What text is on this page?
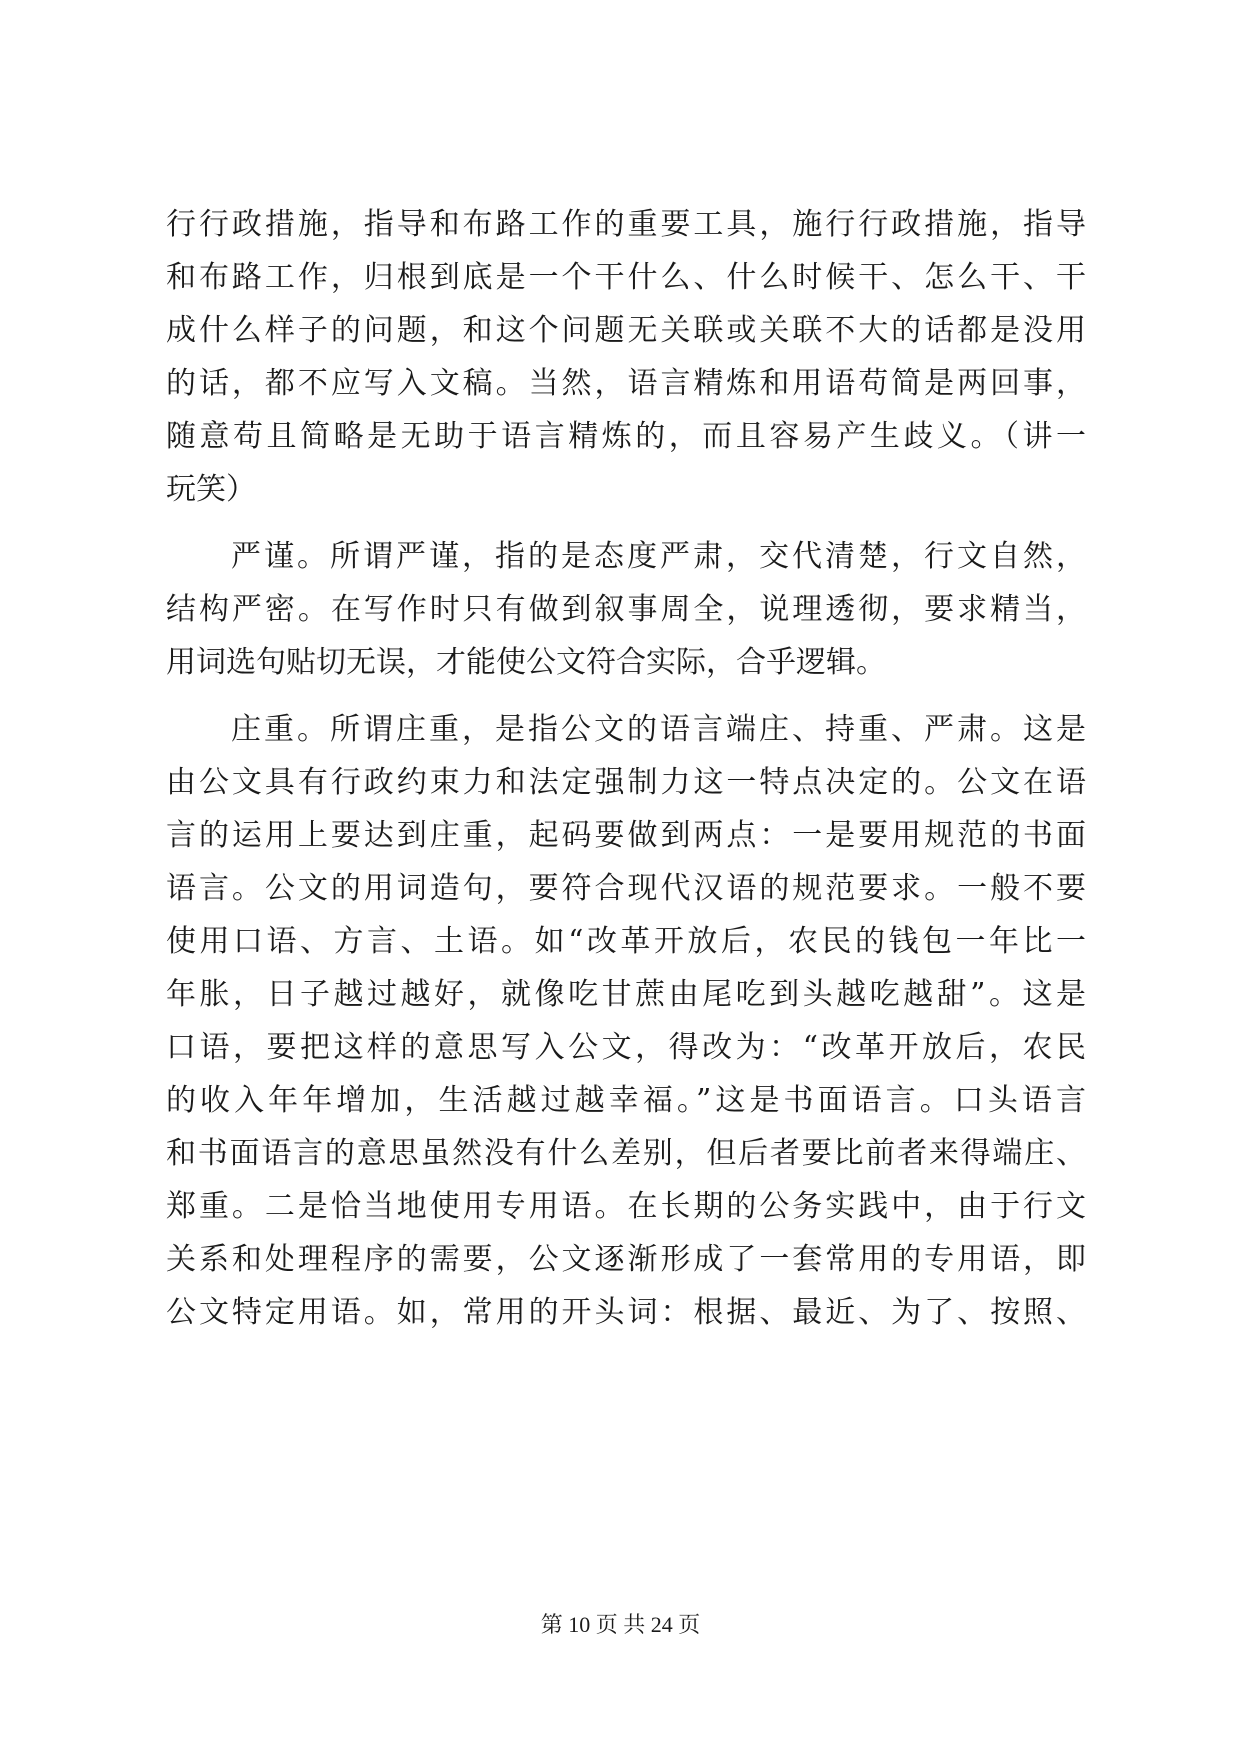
行行政措施，指导和布路工作的重要工具，施行行政措施，指导
和布路工作，归根到底是一个干什么、什么时候干、怎么干、干
成什么样子的问题，和这个问题无关联或关联不大的话都是没用
的话，都不应写入文稿。当然，语言精炼和用语苟简是两回事，
随意苟且简略是无助于语言精炼的，而且容易产生歧义。（讲一
玩笑）
严谨。所谓严谨，指的是态度严肃，交代清楚，行文自然，
结构严密。在写作时只有做到叙事周全，说理透彻，要求精当，
用词选句贴切无误，才能使公文符合实际，合乎逻辑。
庄重。所谓庄重，是指公文的语言端庄、持重、严肃。这是
由公文具有行政约束力和法定强制力这一特点决定的。公文在语
言的运用上要达到庄重，起码要做到两点：一是要用规范的书面
语言。公文的用词造句，要符合现代汉语的规范要求。一般不要
使用口语、方言、土语。如“改革开放后，农民的钱包一年比一
年胀，日子越过越好，就像吃甘蔗由尾吃到头越吃越甜”。这是
口语，要把这样的意思写入公文，得改为：“改革开放后，农民
的收入年年增加，生活越过越幸福。”这是书面语言。口头语言
和书面语言的意思虽然没有什么差别，但后者要比前者来得端庄、
郑重。二是恰当地使用专用语。在长期的公务实践中，由于行文
关系和处理程序的需要，公文逐渐形成了一套常用的专用语，即
公文特定用语。如，常用的开头词：根据、最近、为了、按照、
第 10 页 共 24 页
